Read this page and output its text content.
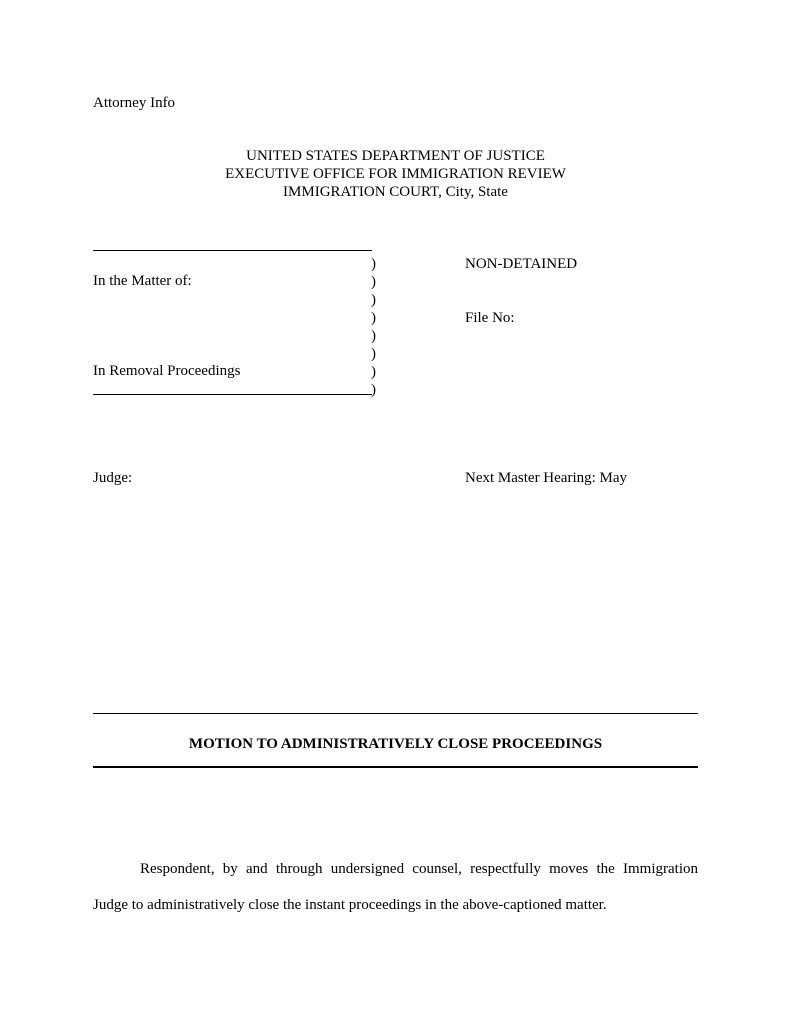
Attorney Info
UNITED STATES DEPARTMENT OF JUSTICE
EXECUTIVE OFFICE FOR IMMIGRATION REVIEW
IMMIGRATION COURT, City, State
)
)
)
)
)
)
)
)
In the Matter of:
In Removal Proceedings
NON-DETAINED
File No:
Judge:	Next Master Hearing: May
MOTION TO ADMINISTRATIVELY CLOSE PROCEEDINGS
Respondent, by and through undersigned counsel, respectfully moves the Immigration
Judge to administratively close the instant proceedings in the above-captioned matter.
